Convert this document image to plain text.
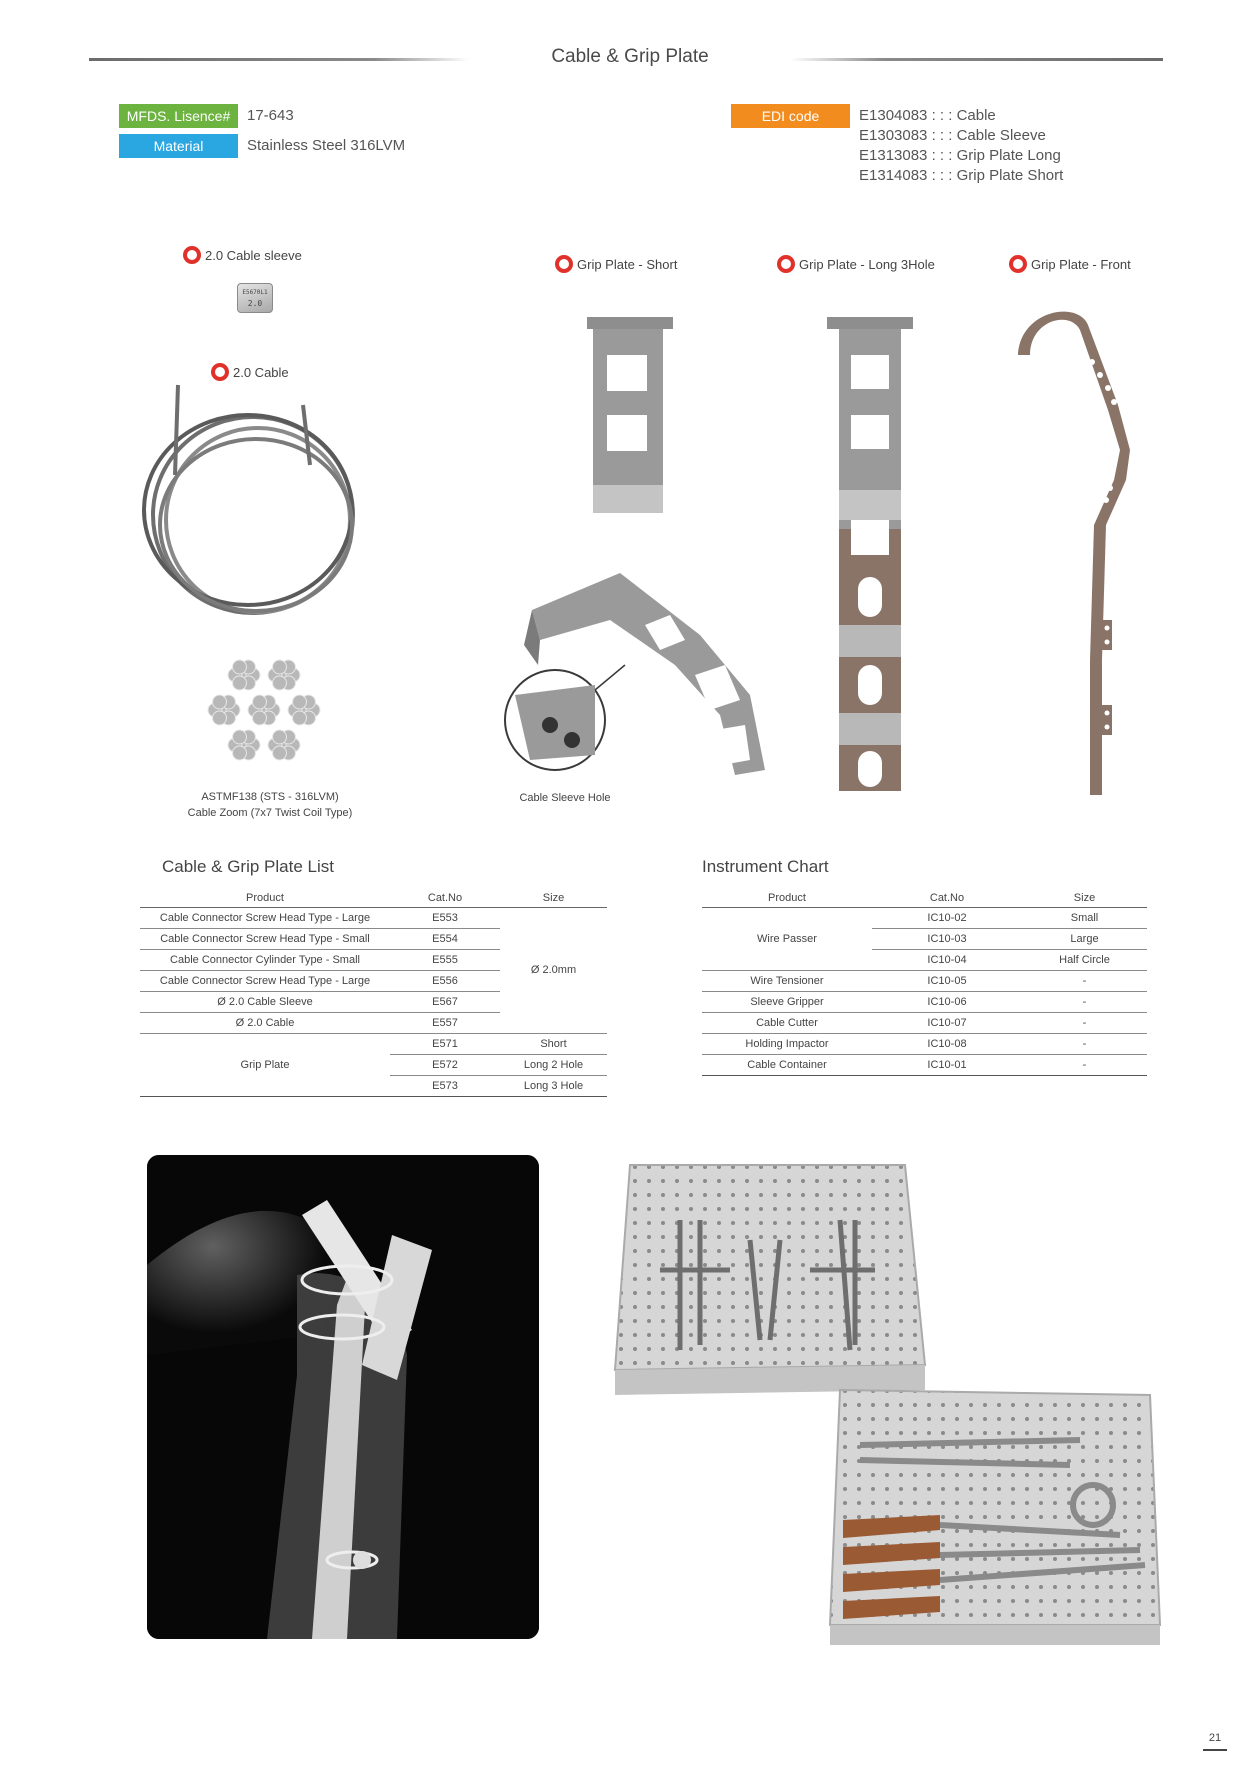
Cable & Grip Plate
MFDS. Lisence#	17-643
Material	Stainless Steel 316LVM
EDI code	E1304083 : : : Cable
E1303083 : : : Cable Sleeve
E1313083 : : : Grip Plate Long
E1314083 : : : Grip Plate Short
2.0 Cable sleeve
2.0 Cable
Grip Plate - Short	Grip Plate - Long 3Hole	Grip Plate - Front
E5670L1
2.0
ASTMF138 (STS - 316LVM)
Cable Zoom (7x7 Twist Coil Type)
Cable Sleeve Hole
Cable & Grip Plate List
Product	Cat.No	Size
Cable Connector Screw Head Type - Large	E553	Ø 2.0mm
Cable Connector Screw Head Type - Small	E554	
Cable Connector Cylinder Type - Small	E555	
Cable Connector Screw Head Type - Large	E556	
Ø 2.0 Cable Sleeve	E567	
Ø 2.0 Cable	E557	
Grip Plate	E571	Short
	E572	Long 2 Hole
	E573	Long 3 Hole
Instrument Chart
Product	Cat.No	Size
Wire Passer	IC10-02	Small
	IC10-03	Large
	IC10-04	Half Circle
Wire Tensioner	IC10-05	-
Sleeve Gripper	IC10-06	-
Cable Cutter	IC10-07	-
Holding Impactor	IC10-08	-
Cable Container	IC10-01	-
21
